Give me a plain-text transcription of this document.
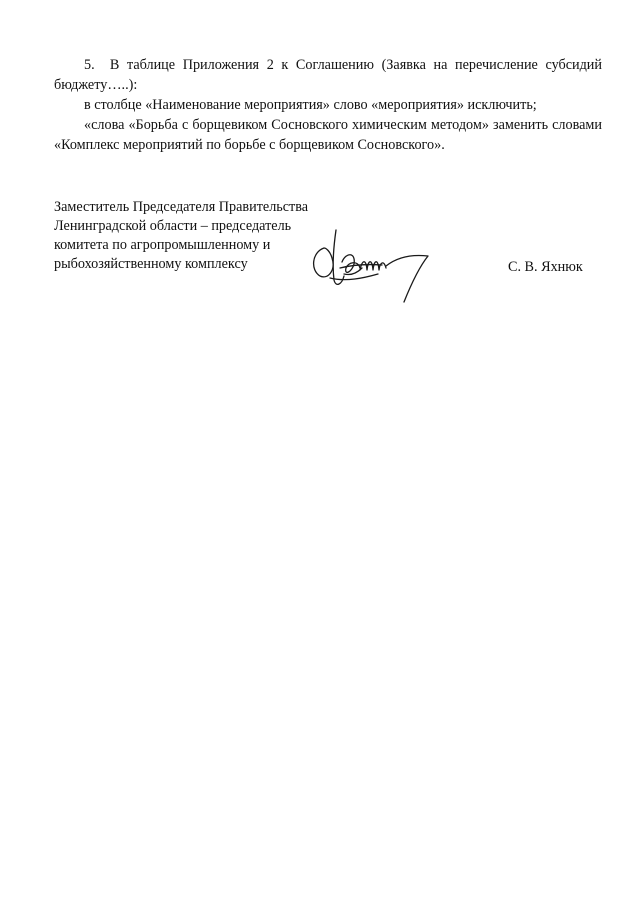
5. В таблице Приложения 2 к Соглашению (Заявка на перечисление субсидий бюджету…..):

в столбце «Наименование мероприятия» слово «мероприятия» исключить;

«слова «Борьба с борщевиком Сосновского химическим методом» заменить словами «Комплекс мероприятий по борьбе с борщевиком Сосновского».

Заместитель Председателя Правительства
Ленинградской области – председатель
комитета по агропромышленному и
рыбохозяйственному комплексу	С. В. Яхнюк
